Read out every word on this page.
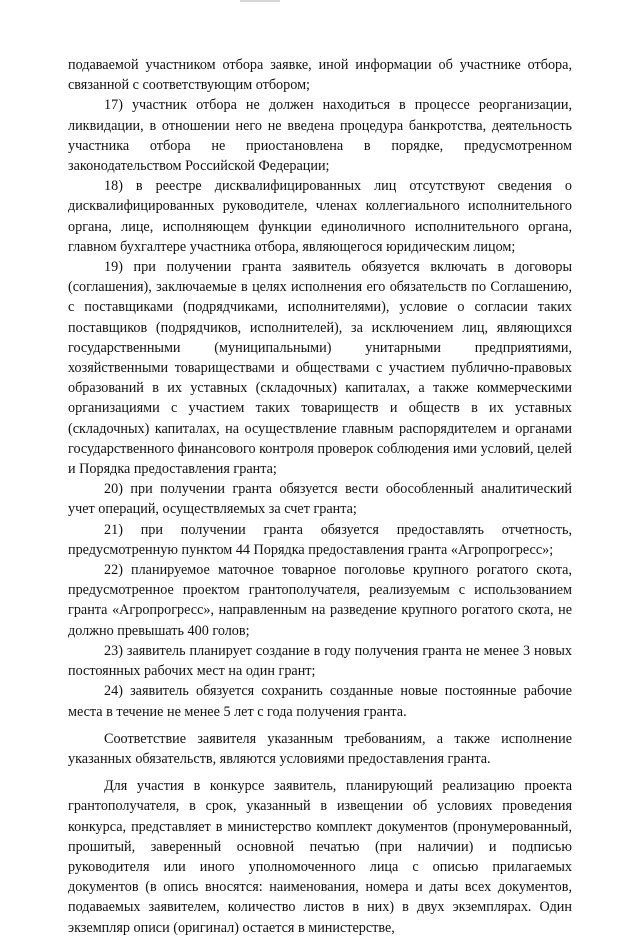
подаваемой участником отбора заявке, иной информации об участнике отбора, связанной с соответствующим отбором;

17) участник отбора не должен находиться в процессе реорганизации, ликвидации, в отношении него не введена процедура банкротства, деятельность участника отбора не приостановлена в порядке, предусмотренном законодательством Российской Федерации;

18) в реестре дисквалифицированных лиц отсутствуют сведения о дисквалифицированных руководителе, членах коллегиального исполнительного органа, лице, исполняющем функции единоличного исполнительного органа, главном бухгалтере участника отбора, являющегося юридическим лицом;

19) при получении гранта заявитель обязуется включать в договоры (соглашения), заключаемые в целях исполнения его обязательств по Соглашению, с поставщиками (подрядчиками, исполнителями), условие о согласии таких поставщиков (подрядчиков, исполнителей), за исключением лиц, являющихся государственными (муниципальными) унитарными предприятиями, хозяйственными товариществами и обществами с участием публично-правовых образований в их уставных (складочных) капиталах, а также коммерческими организациями с участием таких товариществ и обществ в их уставных (складочных) капиталах, на осуществление главным распорядителем и органами государственного финансового контроля проверок соблюдения ими условий, целей и Порядка предоставления гранта;

20) при получении гранта обязуется вести обособленный аналитический учет операций, осуществляемых за счет гранта;

21) при получении гранта обязуется предоставлять отчетность, предусмотренную пунктом 44 Порядка предоставления гранта «Агропрогресс»;

22) планируемое маточное товарное поголовье крупного рогатого скота, предусмотренное проектом грантополучателя, реализуемым с использованием гранта «Агропрогресс», направленным на разведение крупного рогатого скота, не должно превышать 400 голов;

23) заявитель планирует создание в году получения гранта не менее 3 новых постоянных рабочих мест на один грант;

24) заявитель обязуется сохранить созданные новые постоянные рабочие места в течение не менее 5 лет с года получения гранта.

Соответствие заявителя указанным требованиям, а также исполнение указанных обязательств, являются условиями предоставления гранта.

Для участия в конкурсе заявитель, планирующий реализацию проекта грантополучателя, в срок, указанный в извещении об условиях проведения конкурса, представляет в министерство комплект документов (пронумерованный, прошитый, заверенный основной печатью (при наличии) и подписью руководителя или иного уполномоченного лица с описью прилагаемых документов (в опись вносятся: наименования, номера и даты всех документов, подаваемых заявителем, количество листов в них) в двух экземплярах. Один экземпляр описи (оригинал) остается в министерстве,
